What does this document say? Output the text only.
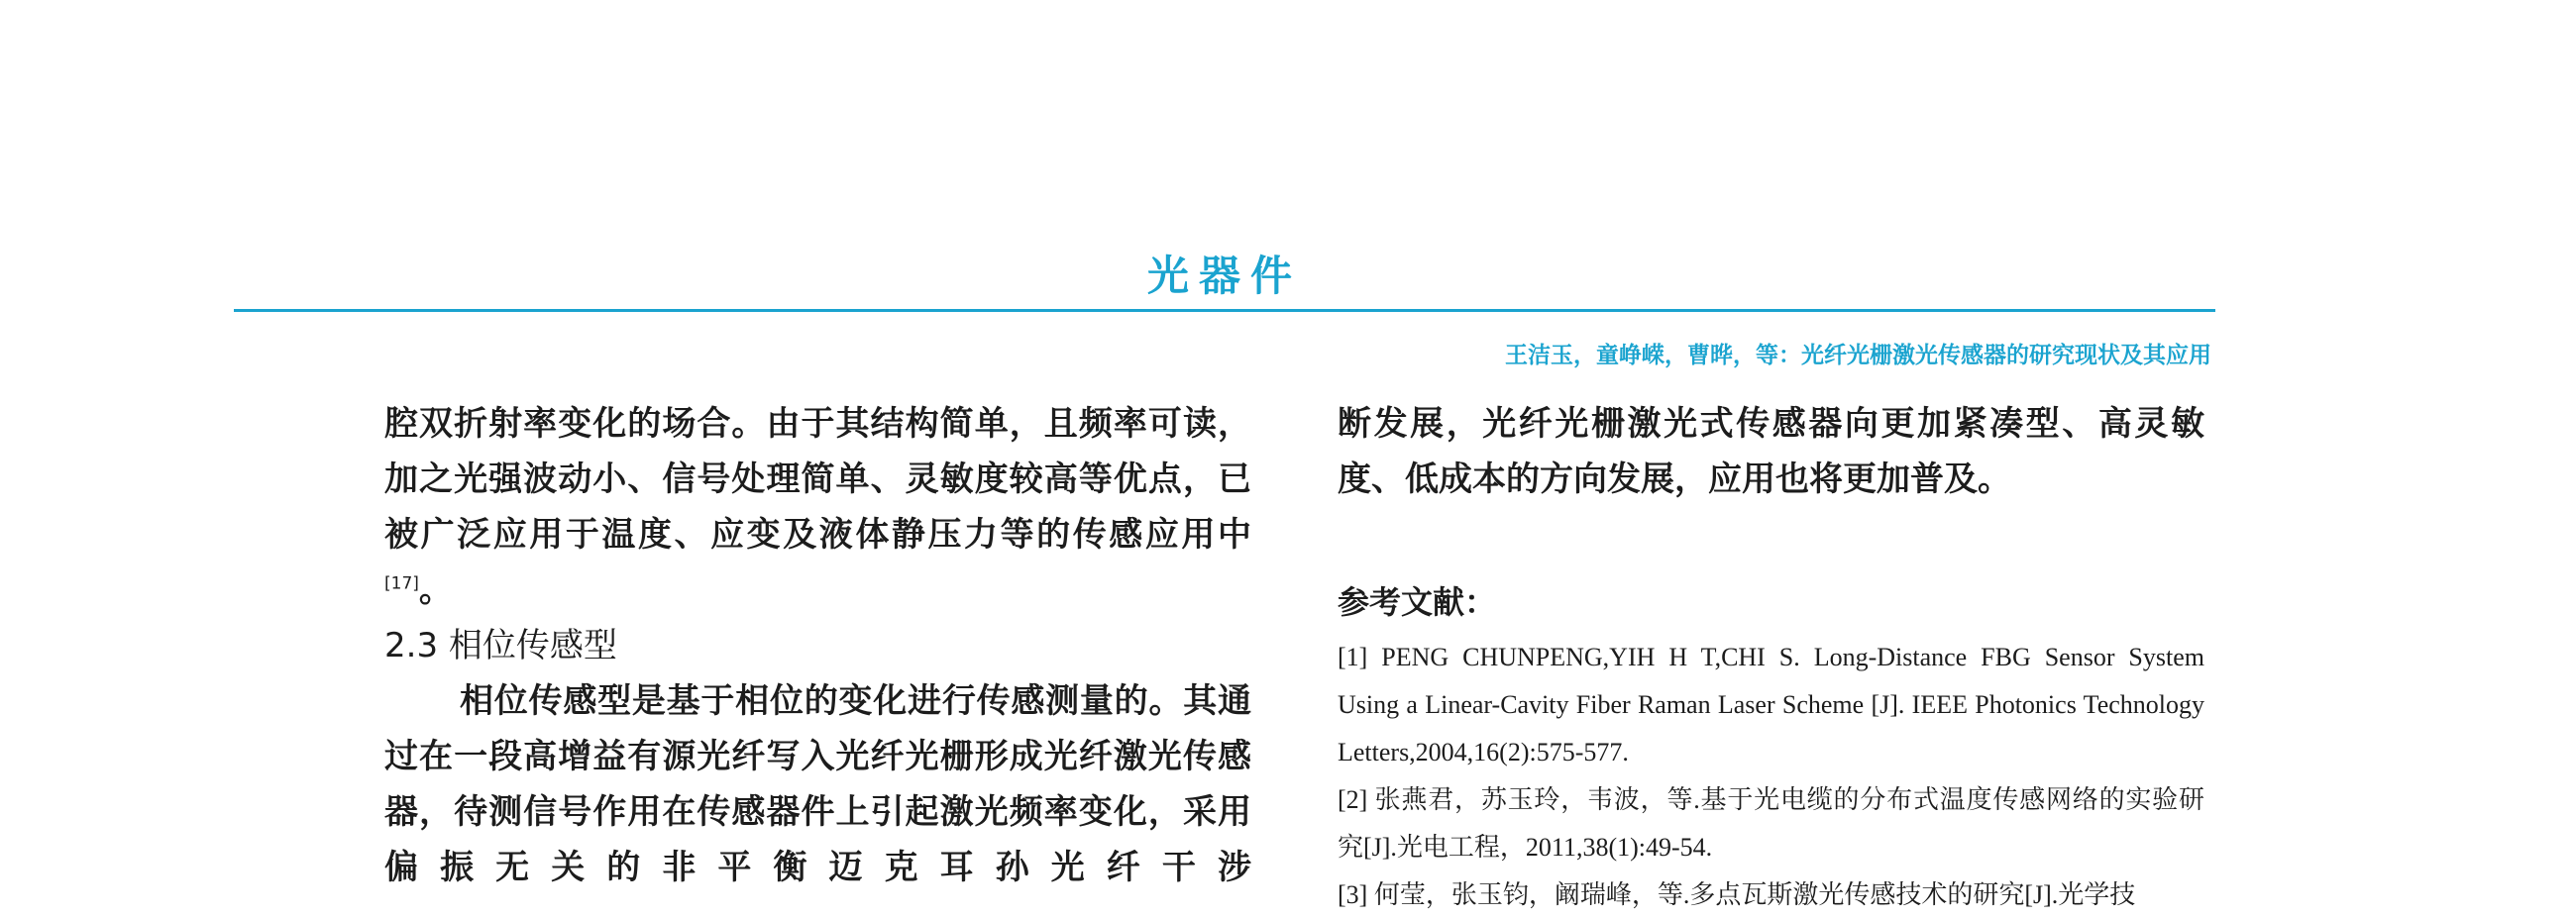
光器件
王洁玉，童峥嵘，曹晔，等：光纤光栅激光传感器的研究现状及其应用

腔双折射率变化的场合。由于其结构简单，且频率可读，加之光强波动小、信号处理简单、灵敏度较高等优点，已被广泛应用于温度、应变及液体静压力等的传感应用中[17]。

2.3 相位传感型

相位传感型是基于相位的变化进行传感测量的。其通过在一段高增益有源光纤写入光纤光栅形成光纤激光传感器，待测信号作用在传感器件上引起激光频率变化，采用偏振无关的非平衡迈克耳孙光纤干涉

断发展，光纤光栅激光式传感器向更加紧凑型、高灵敏度、低成本的方向发展，应用也将更加普及。

参考文献：

[1] PENG CHUNPENG,YIH H T,CHI S. Long-Distance FBG Sensor System Using a Linear-Cavity Fiber Raman Laser Scheme [J]. IEEE Photonics Technology Letters,2004,16(2):575-577.
[2] 张燕君，苏玉玲，韦波，等.基于光电缆的分布式温度传感网络的实验研究[J].光电工程，2011,38(1):49-54.
[3] 何莹，张玉钧，阚瑞峰，等.多点瓦斯激光传感技术的研究[J].光学技
